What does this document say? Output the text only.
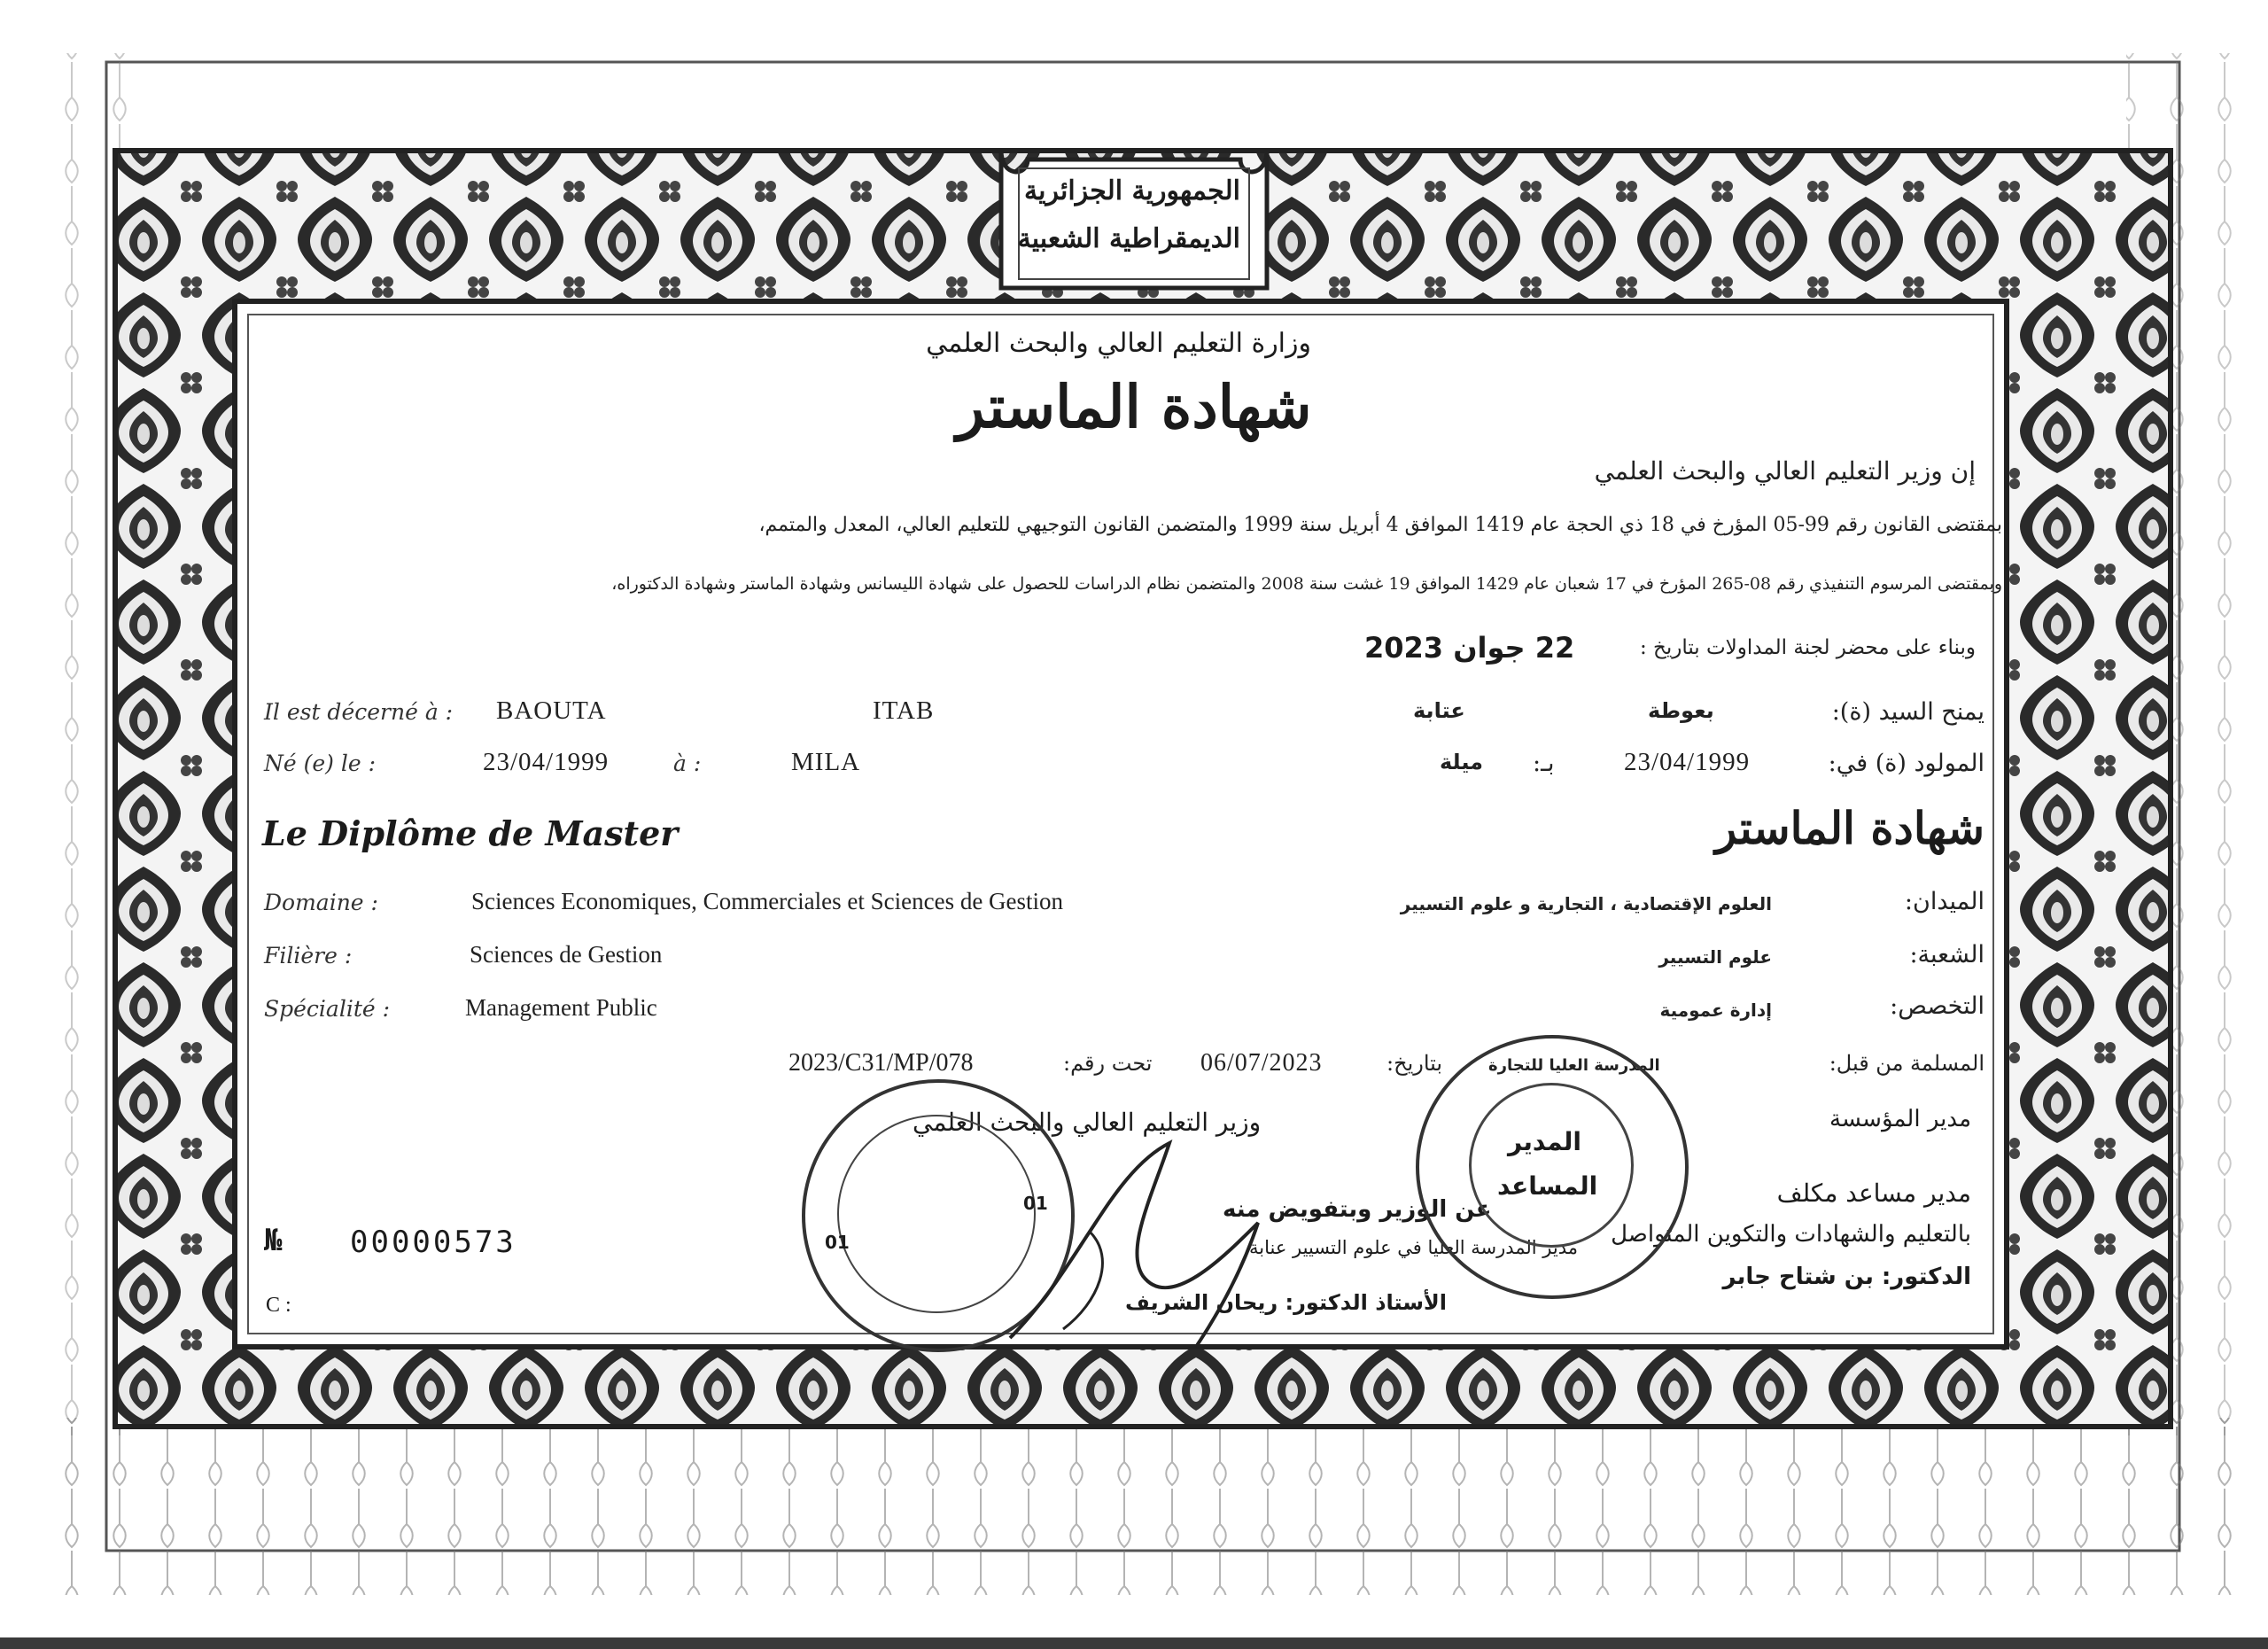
الجمهورية الجزائرية
الديمقراطية الشعبية
وزارة التعليم العالي والبحث العلمي
شهادة الماستر
إن وزير التعليم العالي والبحث العلمي
بمقتضى القانون رقم 99-05 المؤرخ في 18 ذي الحجة عام 1419 الموافق 4 أبريل سنة 1999 والمتضمن القانون التوجيهي للتعليم العالي، المعدل والمتمم،
وبمقتضى المرسوم التنفيذي رقم 08-265 المؤرخ في 17 شعبان عام 1429 الموافق 19 غشت سنة 2008 والمتضمن نظام الدراسات للحصول على شهادة الليسانس وشهادة الماستر وشهادة الدكتوراه،
وبناء على محضر لجنة المداولات بتاريخ :
22 جوان 2023
Il est décerné à : BAOUTA	ITAB
Né (e) le :	23/04/1999	à :	MILA
يمنح السيد (ة):
بعوطة
عتابة
المولود (ة) في:
23/04/1999
بـ:
ميلة
Le Diplôme de Master	شهادة الماستر
Domaine :	Sciences Economiques, Commerciales et Sciences de Gestion
Filière :	Sciences de Gestion
Spécialité :	Management Public
الميدان:
العلوم الإقتصادية ، التجارية و علوم التسيير
الشعبة:
علوم التسيير
التخصص:
إدارة عمومية
المسلمة من قبل:
المدرسة العليا للتجارة
بتاريخ:
06/07/2023
تحت رقم:
2023/C31/MP/078
وزير التعليم العالي والبحث العلمي	مدير المؤسسة
مدير مساعد مكلف
عن الوزير وبتفويض منه
بالتعليم والشهادات والتكوين المتواصل
مدير المدرسة العليا في علوم التسيير عنابة
الدكتور: بن شتاح جابر
الأستاذ الدكتور: ريحان الشريف
01
01
المدير
المساعد
№ 00000573
C :
